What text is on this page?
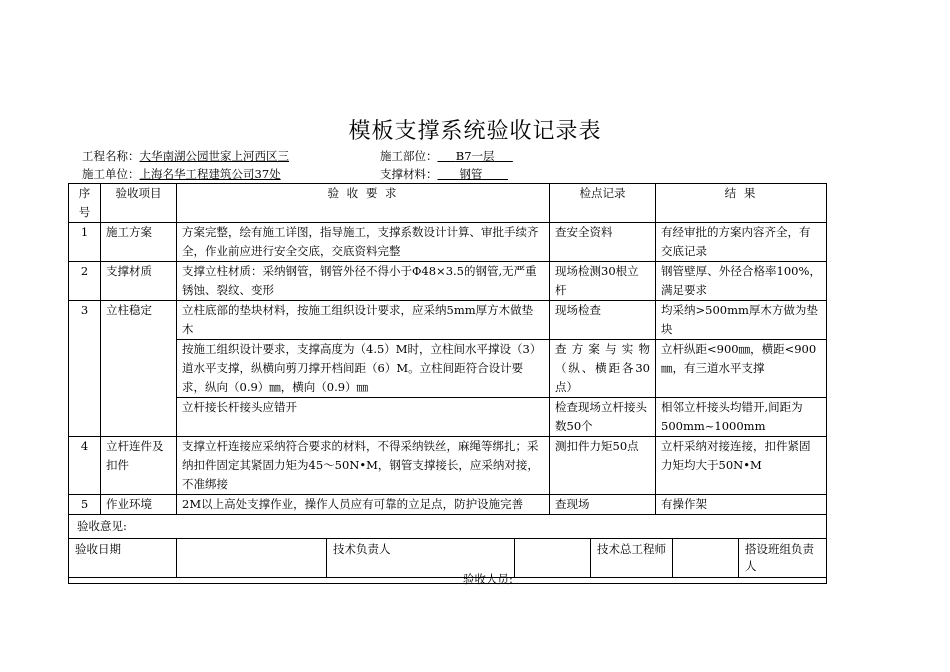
模板支撑系统验收记录表
工程名称：大华南湖公园世家上河西区三	施工部位： B7一层
施工单位：上海名华工程建筑公司37处	支撑材料： 钢管
序号	验收项目	验 收 要 求	检点记录	结 果
1	施工方案	方案完整，绘有施工详图，指导施工，支撑系数设计计算、审批手续齐全，作业前应进行安全交底，交底资料完整	查安全资料	有经审批的方案内容齐全，有交底记录
2	支撑材质	支撑立柱材质：采纳钢管，钢管外径不得小于Φ48×3.5的钢管,无严重锈蚀、裂纹、变形	现场检测30根立杆	钢管壁厚、外径合格率100%，满足要求
3	立柱稳定	立柱底部的垫块材料，按施工组织设计要求，应采纳5mm厚方木做垫木	现场检查	均采纳>500mm厚木方做为垫块
		按施工组织设计要求，支撑高度为（4.5）M时，立柱间水平撑设（3）道水平支撑，纵横向剪刀撑开档间距（6）M。立柱间距符合设计要求，纵向（0.9）㎜，横向（0.9）㎜	查方案与实物（纵、横距各30点）	立杆纵距<900㎜，横距<900㎜，有三道水平支撑
		立杆接长杆接头应错开	检查现场立杆接头数50个	相邻立杆接头均错开,间距为500mm~1000mm
4	立杆连件及扣件	支撑立杆连接应采纳符合要求的材料，不得采纳铁丝，麻绳等绑扎；采纳扣件固定其紧固力矩为45～50N•M，钢管支撑接长，应采纳对接，不准绑接	测扣件力矩50点	立杆采纳对接连接，扣件紧固力矩均大于50N•M
5	作业环境	2M以上高处支撑作业，操作人员应有可靠的立足点，防护设施完善	查现场	有操作架

验收意见:
验收人员:				
验收日期		技术负责人		技术总工程师		搭设班组负责人
